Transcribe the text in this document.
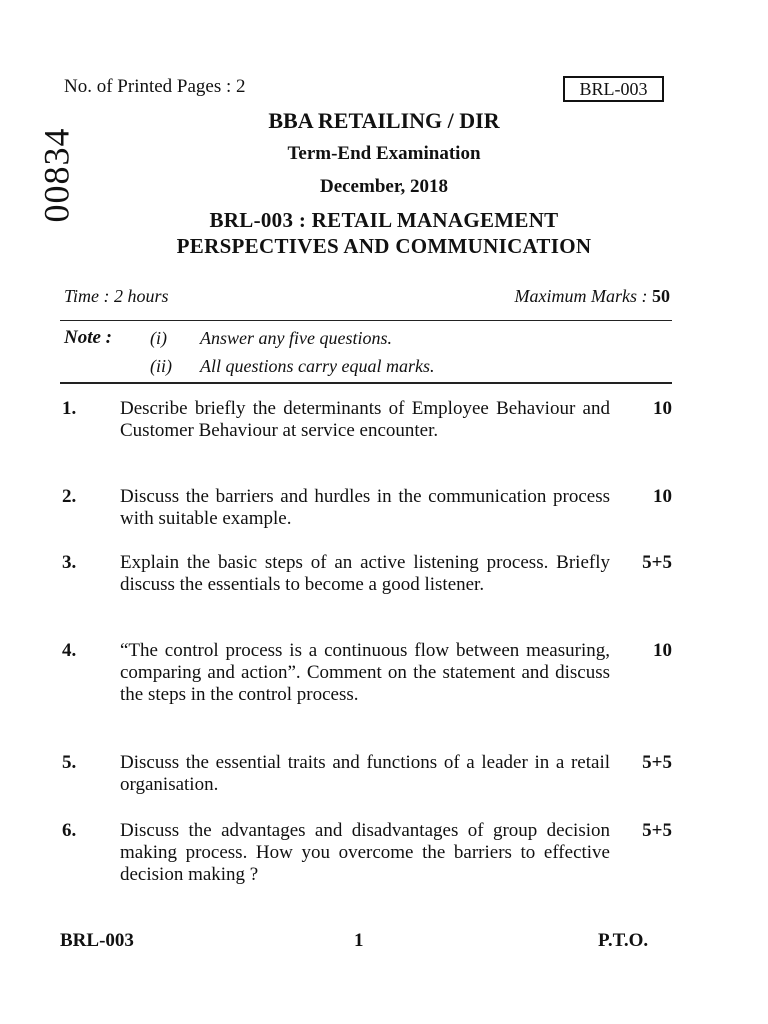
No. of Printed Pages : 2	BRL-003
00834
BBA RETAILING / DIR
Term-End Examination
December, 2018
BRL-003 : RETAIL MANAGEMENT
PERSPECTIVES AND COMMUNICATION
Time : 2 hours	Maximum Marks : 50
Note : (i) Answer any five questions.
(ii) All questions carry equal marks.
1. Describe briefly the determinants of Employee Behaviour and Customer Behaviour at service encounter.
10
2. Discuss the barriers and hurdles in the communication process with suitable example.
10
3. Explain the basic steps of an active listening process. Briefly discuss the essentials to become a good listener.
5+5
4. “The control process is a continuous flow between measuring, comparing and action”. Comment on the statement and discuss the steps in the control process.
10
5. Discuss the essential traits and functions of a leader in a retail organisation.
5+5
6. Discuss the advantages and disadvantages of group decision making process. How you overcome the barriers to effective decision making ?
5+5
BRL-003	1	P.T.O.
